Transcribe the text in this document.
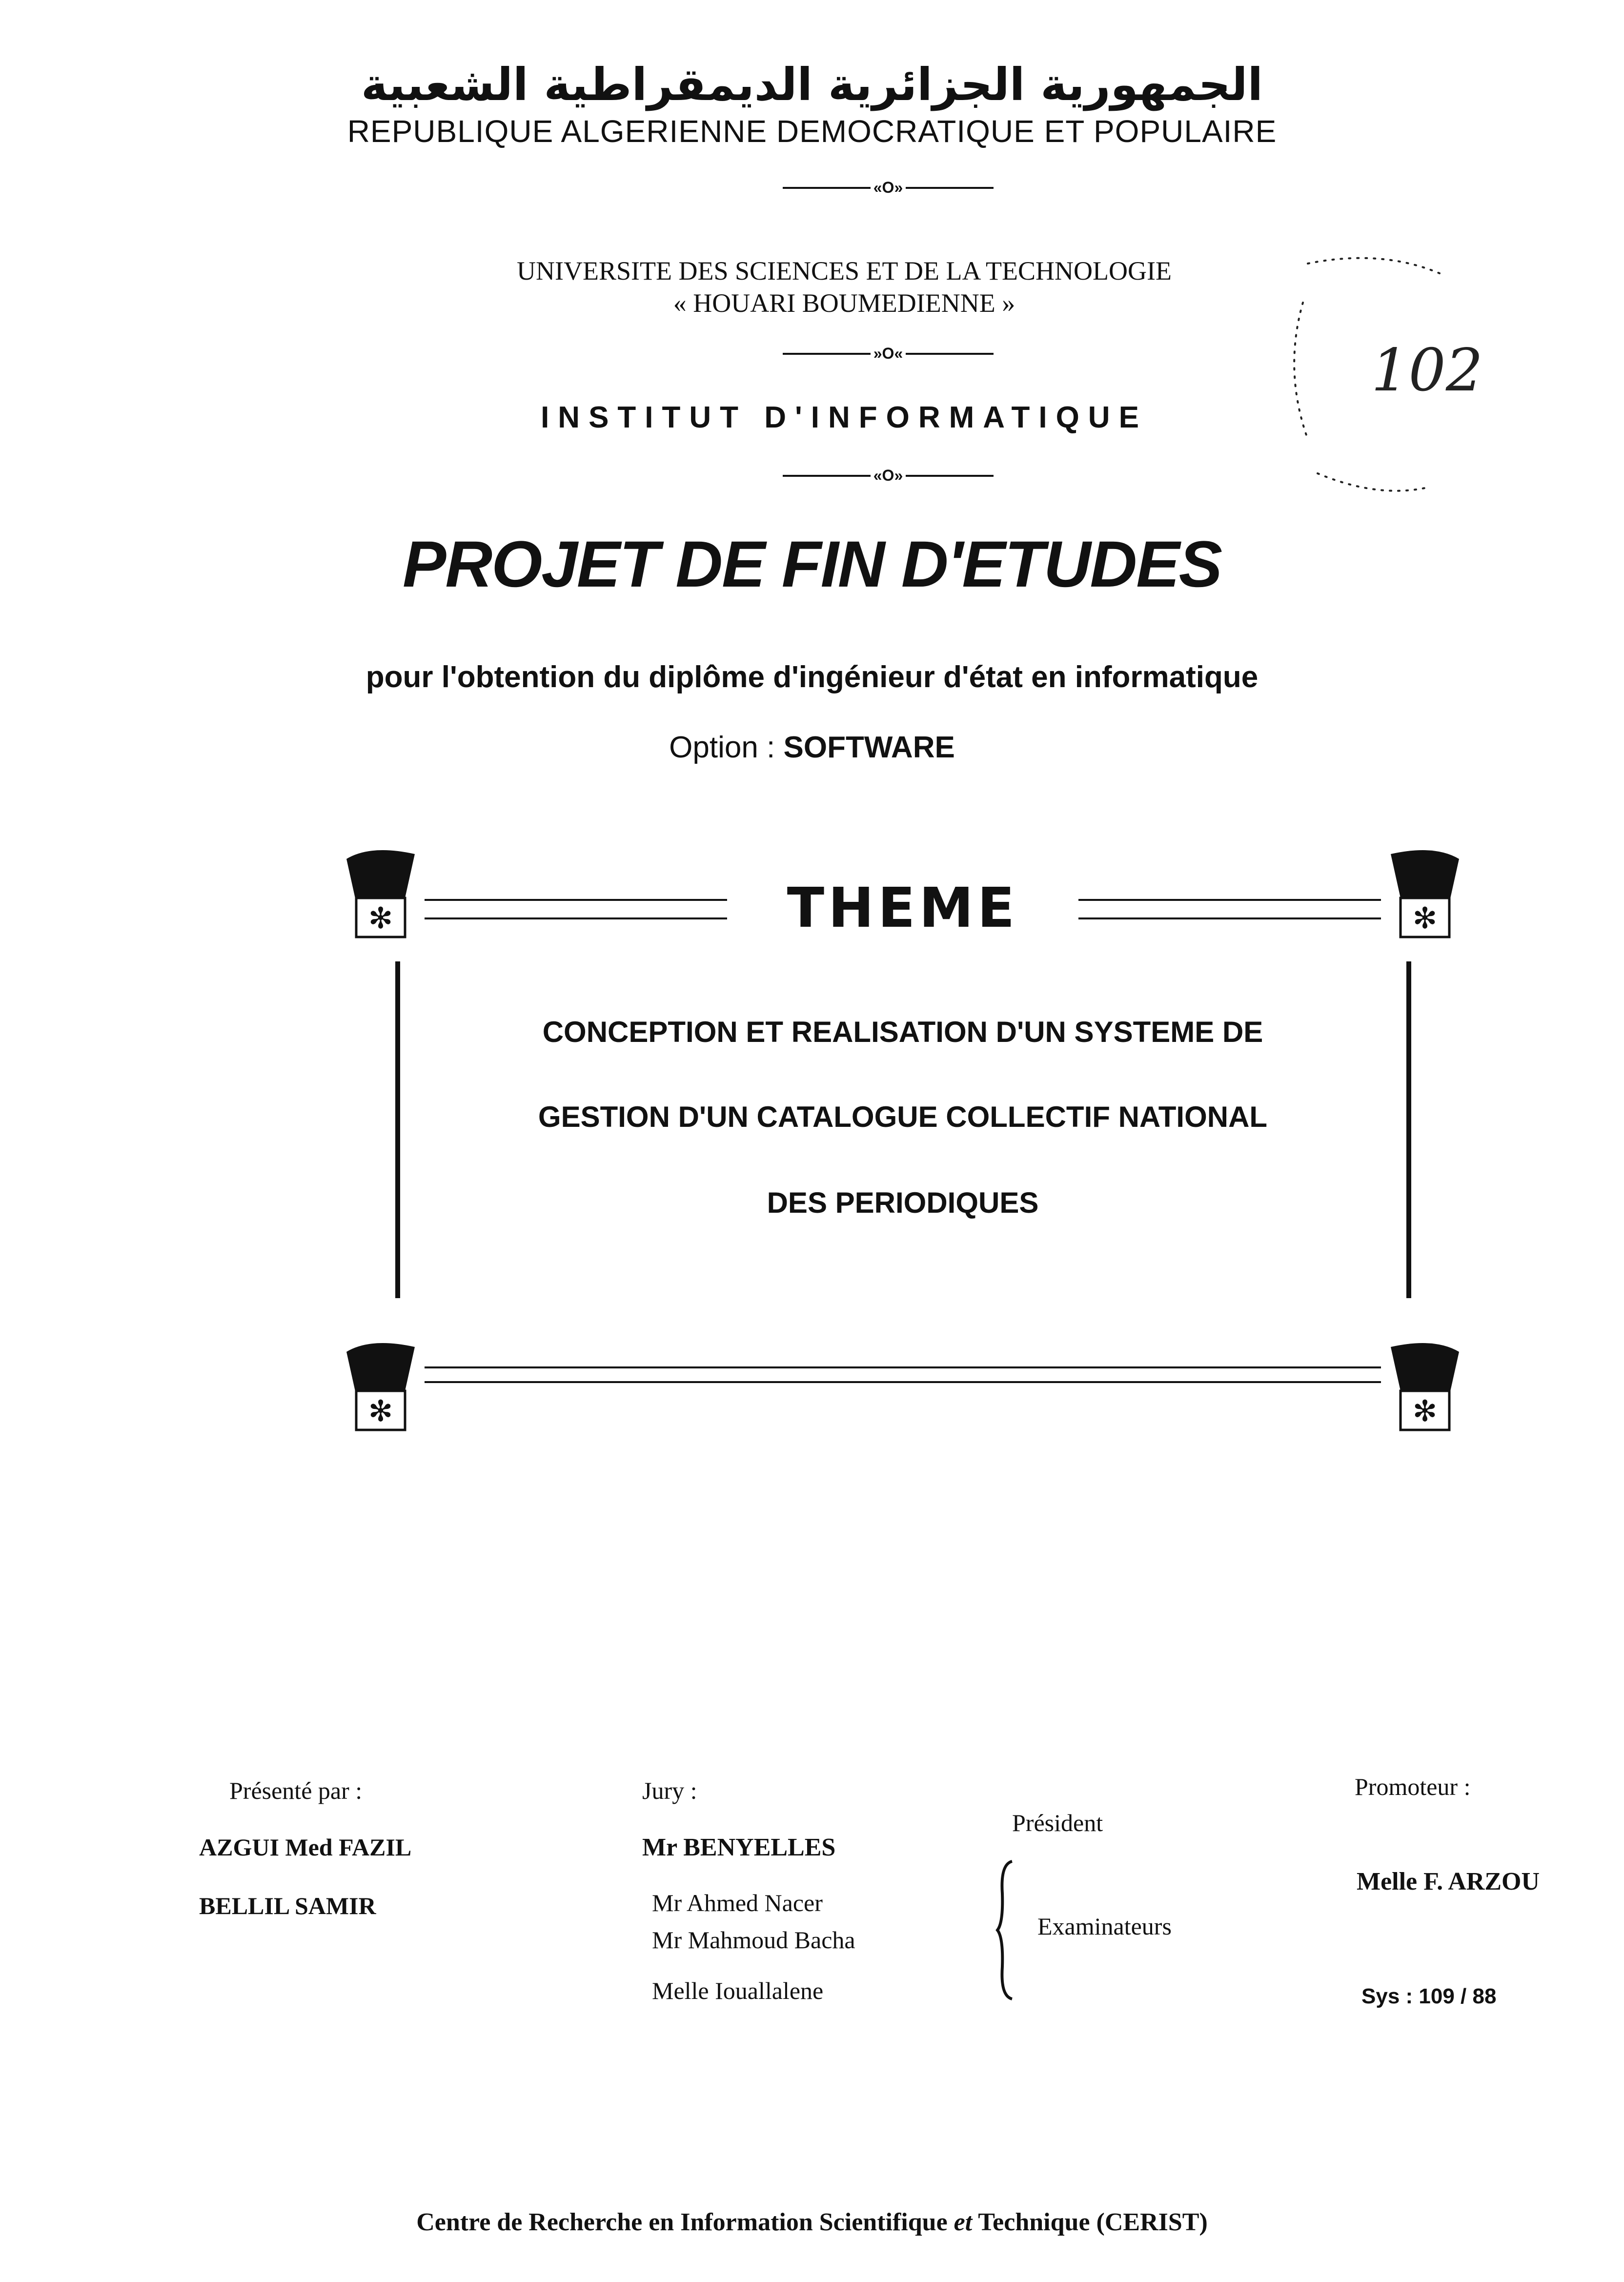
الجمهورية الجزائرية الديمقراطية الشعبية
REPUBLIQUE ALGERIENNE DEMOCRATIQUE ET POPULAIRE
«O»
UNIVERSITE DES SCIENCES ET DE LA TECHNOLOGIE
« HOUARI BOUMEDIENNE »
»O«
INSTITUT D'INFORMATIQUE
«O»
102
PROJET DE FIN D'ETUDES
pour l'obtention du diplôme d'ingénieur d'état en informatique
Option : SOFTWARE
✻	✻
✻	✻
THEME
CONCEPTION ET REALISATION D'UN SYSTEME DE
GESTION D'UN CATALOGUE COLLECTIF NATIONAL
DES PERIODIQUES
Présenté par :
AZGUI Med FAZIL
BELLIL SAMIR
Jury :
Président
Mr BENYELLES
Mr Ahmed Nacer
Mr Mahmoud Bacha
Melle Iouallalene
Examinateurs
Promoteur :
Melle F. ARZOU
Sys : 109 / 88
Centre de Recherche en Information Scientifique et Technique (CERIST)
